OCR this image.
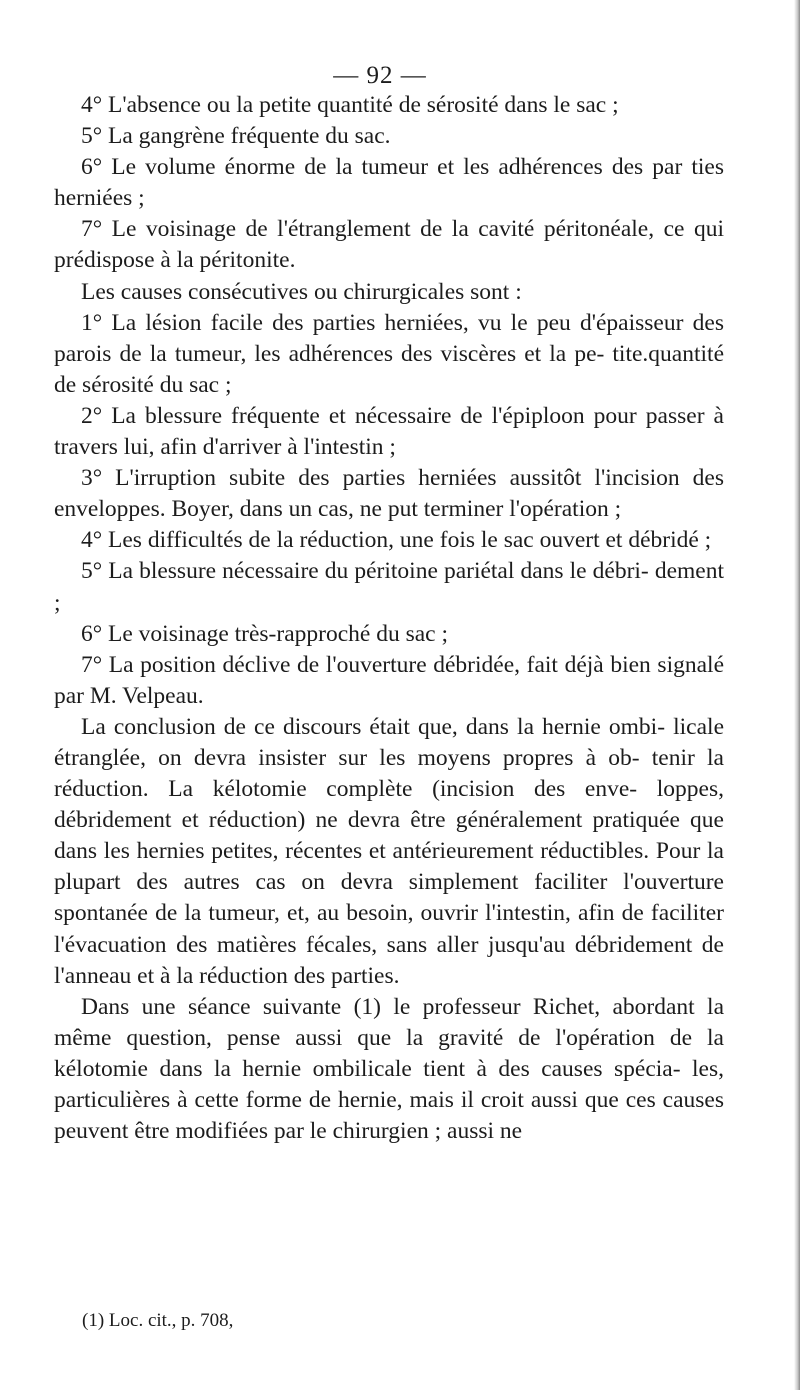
— 92 —

4° L'absence ou la petite quantité de sérosité dans le sac ;

5° La gangrène fréquente du sac.

6° Le volume énorme de la tumeur et les adhérences des par ties herniées ;

7° Le voisinage de l'étranglement de la cavité péritonéale, ce qui prédispose à la péritonite.

Les causes consécutives ou chirurgicales sont :

1° La lésion facile des parties herniées, vu le peu d'épaisseur des parois de la tumeur, les adhérences des viscères et la pe- tite.quantité de sérosité du sac ;

2° La blessure fréquente et nécessaire de l'épiploon pour passer à travers lui, afin d'arriver à l'intestin ;

3° L'irruption subite des parties herniées aussitôt l'incision des enveloppes. Boyer, dans un cas, ne put terminer l'opération ;

4° Les difficultés de la réduction, une fois le sac ouvert et débridé ;

5° La blessure nécessaire du péritoine pariétal dans le débri- dement ;

6° Le voisinage très-rapproché du sac ;

7° La position déclive de l'ouverture débridée, fait déjà bien signalé par M. Velpeau.

La conclusion de ce discours était que, dans la hernie ombi- licale étranglée, on devra insister sur les moyens propres à ob- tenir la réduction. La kélotomie complète (incision des enve- loppes, débridement et réduction) ne devra être généralement pratiquée que dans les hernies petites, récentes et antérieurement réductibles. Pour la plupart des autres cas on devra simplement faciliter l'ouverture spontanée de la tumeur, et, au besoin, ouvrir l'intestin, afin de faciliter l'évacuation des matières fécales, sans aller jusqu'au débridement de l'anneau et à la réduction des parties.

Dans une séance suivante (1) le professeur Richet, abordant la même question, pense aussi que la gravité de l'opération de la kélotomie dans la hernie ombilicale tient à des causes spécia- les, particulières à cette forme de hernie, mais il croit aussi que ces causes peuvent être modifiées par le chirurgien ; aussi ne

(1) Loc. cit., p. 708,
